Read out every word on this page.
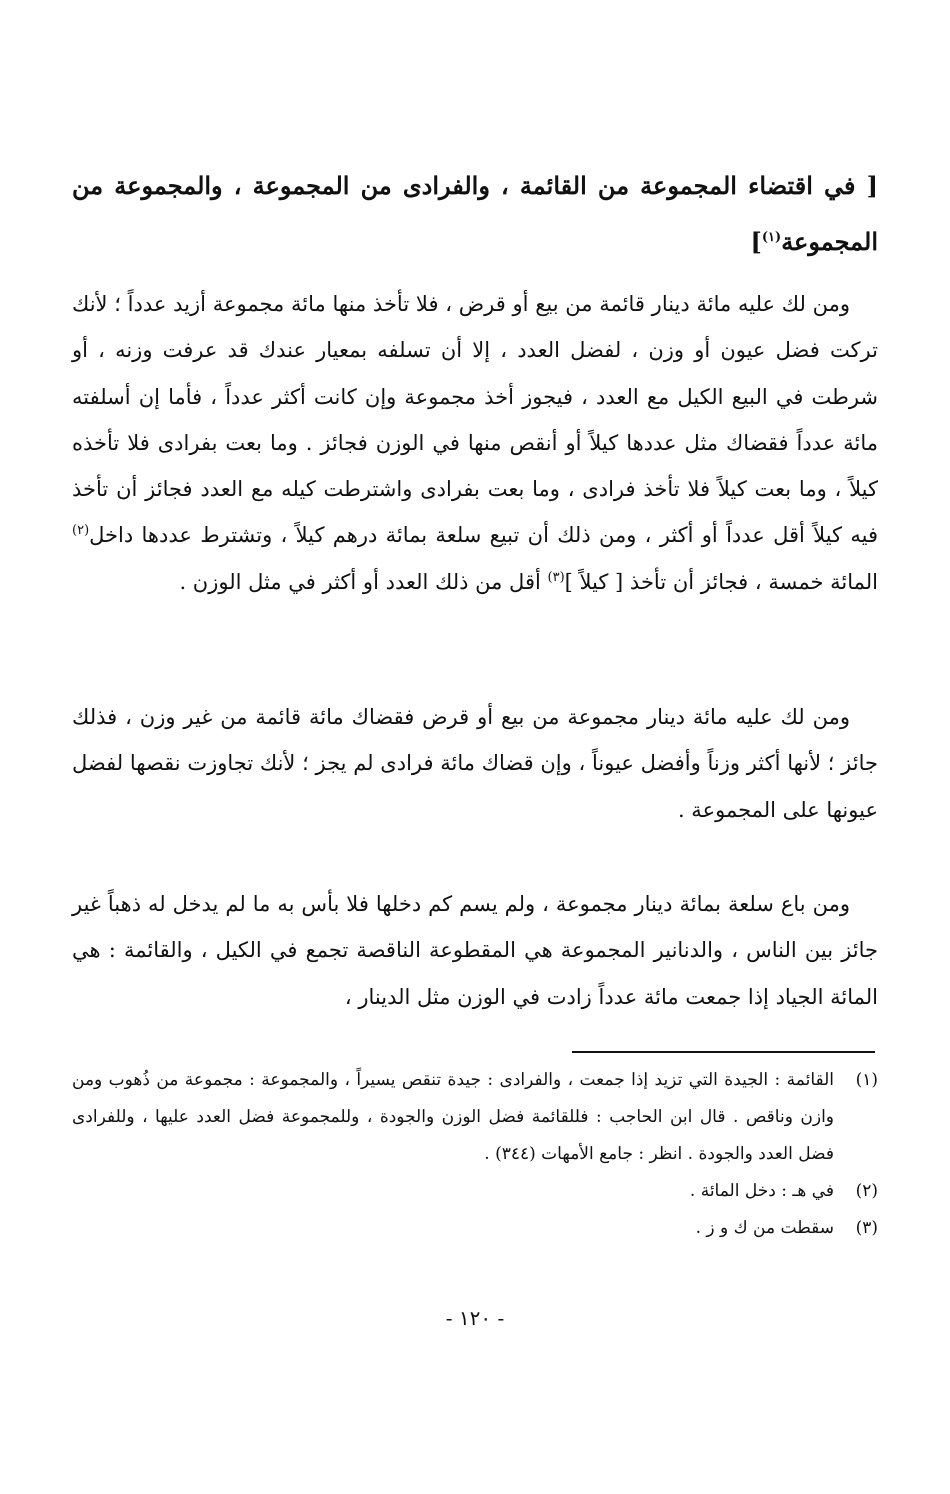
[ في اقتضاء المجموعة من القائمة ، والفرادى من المجموعة ، والمجموعة من المجموعة$^{(١)}$]
ومن لك عليه مائة دينار قائمة من بيع أو قرض ، فلا تأخذ منها مائة مجموعة أزيد عدداً ؛ لأنك تركت فضل عيون أو وزن ، لفضل العدد ، إلا أن تسلفه بمعيار عندك قد عرفت وزنه ، أو شرطت في البيع الكيل مع العدد ، فيجوز أخذ مجموعة وإن كانت أكثر عدداً ، فأما إن أسلفته مائة عدداً فقضاك مثل عددها كيلاً أو أنقص منها في الوزن فجائز . وما بعت بفرادى فلا تأخذه كيلاً ، وما بعت كيلاً فلا تأخذ فرادى ، وما بعت بفرادى واشترطت كيله مع العدد فجائز أن تأخذ فيه كيلاً أقل عدداً أو أكثر ، ومن ذلك أن تبيع سلعة بمائة درهم كيلاً ، وتشترط عددها داخل$^{(٢)}$ المائة خمسة ، فجائز أن تأخذ [ كيلاً ]$^{(٣)}$ أقل من ذلك العدد أو أكثر في مثل الوزن .
ومن لك عليه مائة دينار مجموعة من بيع أو قرض فقضاك مائة قائمة من غير وزن ، فذلك جائز ؛ لأنها أكثر وزناً وأفضل عيوناً ، وإن قضاك مائة فرادى لم يجز ؛ لأنك تجاوزت نقصها لفضل عيونها على المجموعة .
ومن باع سلعة بمائة دينار مجموعة ، ولم يسم كم دخلها فلا بأس به ما لم يدخل له ذهباً غير جائز بين الناس ، والدنانير المجموعة هي المقطوعة الناقصة تجمع في الكيل ، والقائمة : هي المائة الجياد إذا جمعت مائة عدداً زادت في الوزن مثل الدينار ،
(١)
القائمة : الجيدة التي تزيد إذا جمعت ، والفرادى : جيدة تنقص يسيراً ، والمجموعة : مجموعة من ذُهوب ومن وازن وناقص . قال ابن الحاجب : فللقائمة فضل الوزن والجودة ، وللمجموعة فضل العدد عليها ، وللفرادى فضل العدد والجودة . انظر : جامع الأمهات (٣٤٤) .
(٢)
في هـ : دخل المائة .
(٣)
سقطت من ك و ز .
- ١٢٠ -
